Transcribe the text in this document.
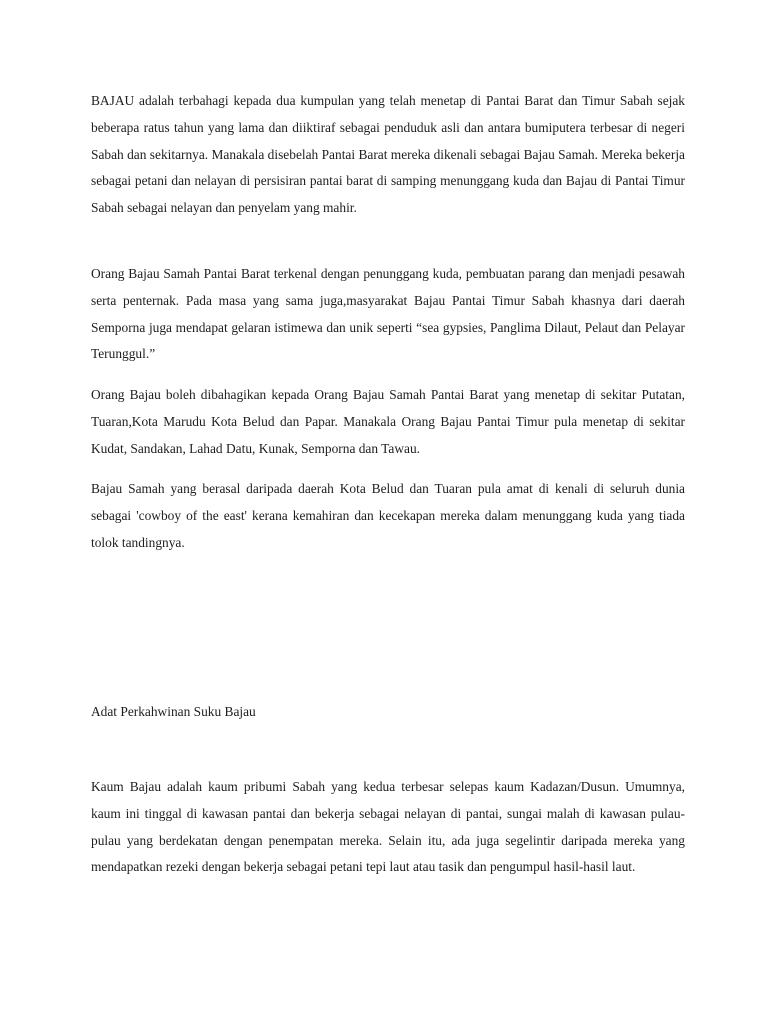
BAJAU adalah terbahagi kepada dua kumpulan yang telah menetap di Pantai Barat dan Timur Sabah sejak beberapa ratus tahun yang lama dan diiktiraf sebagai penduduk asli dan antara bumiputera terbesar di negeri Sabah dan sekitarnya. Manakala disebelah Pantai Barat mereka dikenali sebagai Bajau Samah. Mereka bekerja sebagai petani dan nelayan di persisiran pantai barat di samping menunggang kuda dan Bajau di Pantai Timur Sabah sebagai nelayan dan penyelam yang mahir.

Orang Bajau Samah Pantai Barat terkenal dengan penunggang kuda, pembuatan parang dan menjadi pesawah serta penternak. Pada masa yang sama juga,masyarakat Bajau Pantai Timur Sabah khasnya dari daerah Semporna juga mendapat gelaran istimewa dan unik seperti “sea gypsies, Panglima Dilaut, Pelaut dan Pelayar Terunggul.”

Orang Bajau boleh dibahagikan kepada Orang Bajau Samah Pantai Barat yang menetap di sekitar Putatan, Tuaran,Kota Marudu Kota Belud dan Papar. Manakala Orang Bajau Pantai Timur pula menetap di sekitar Kudat, Sandakan, Lahad Datu, Kunak, Semporna dan Tawau.

Bajau Samah yang berasal daripada daerah Kota Belud dan Tuaran pula amat di kenali di seluruh dunia sebagai 'cowboy of the east' kerana kemahiran dan kecekapan mereka dalam menunggang kuda yang tiada tolok tandingnya.

Adat Perkahwinan Suku Bajau

Kaum Bajau adalah kaum pribumi Sabah yang kedua terbesar selepas kaum Kadazan/Dusun. Umumnya, kaum ini tinggal di kawasan pantai dan bekerja sebagai nelayan di pantai, sungai malah di kawasan pulau-pulau yang berdekatan dengan penempatan mereka. Selain itu, ada juga segelintir daripada mereka yang mendapatkan rezeki dengan bekerja sebagai petani tepi laut atau tasik dan pengumpul hasil-hasil laut.
